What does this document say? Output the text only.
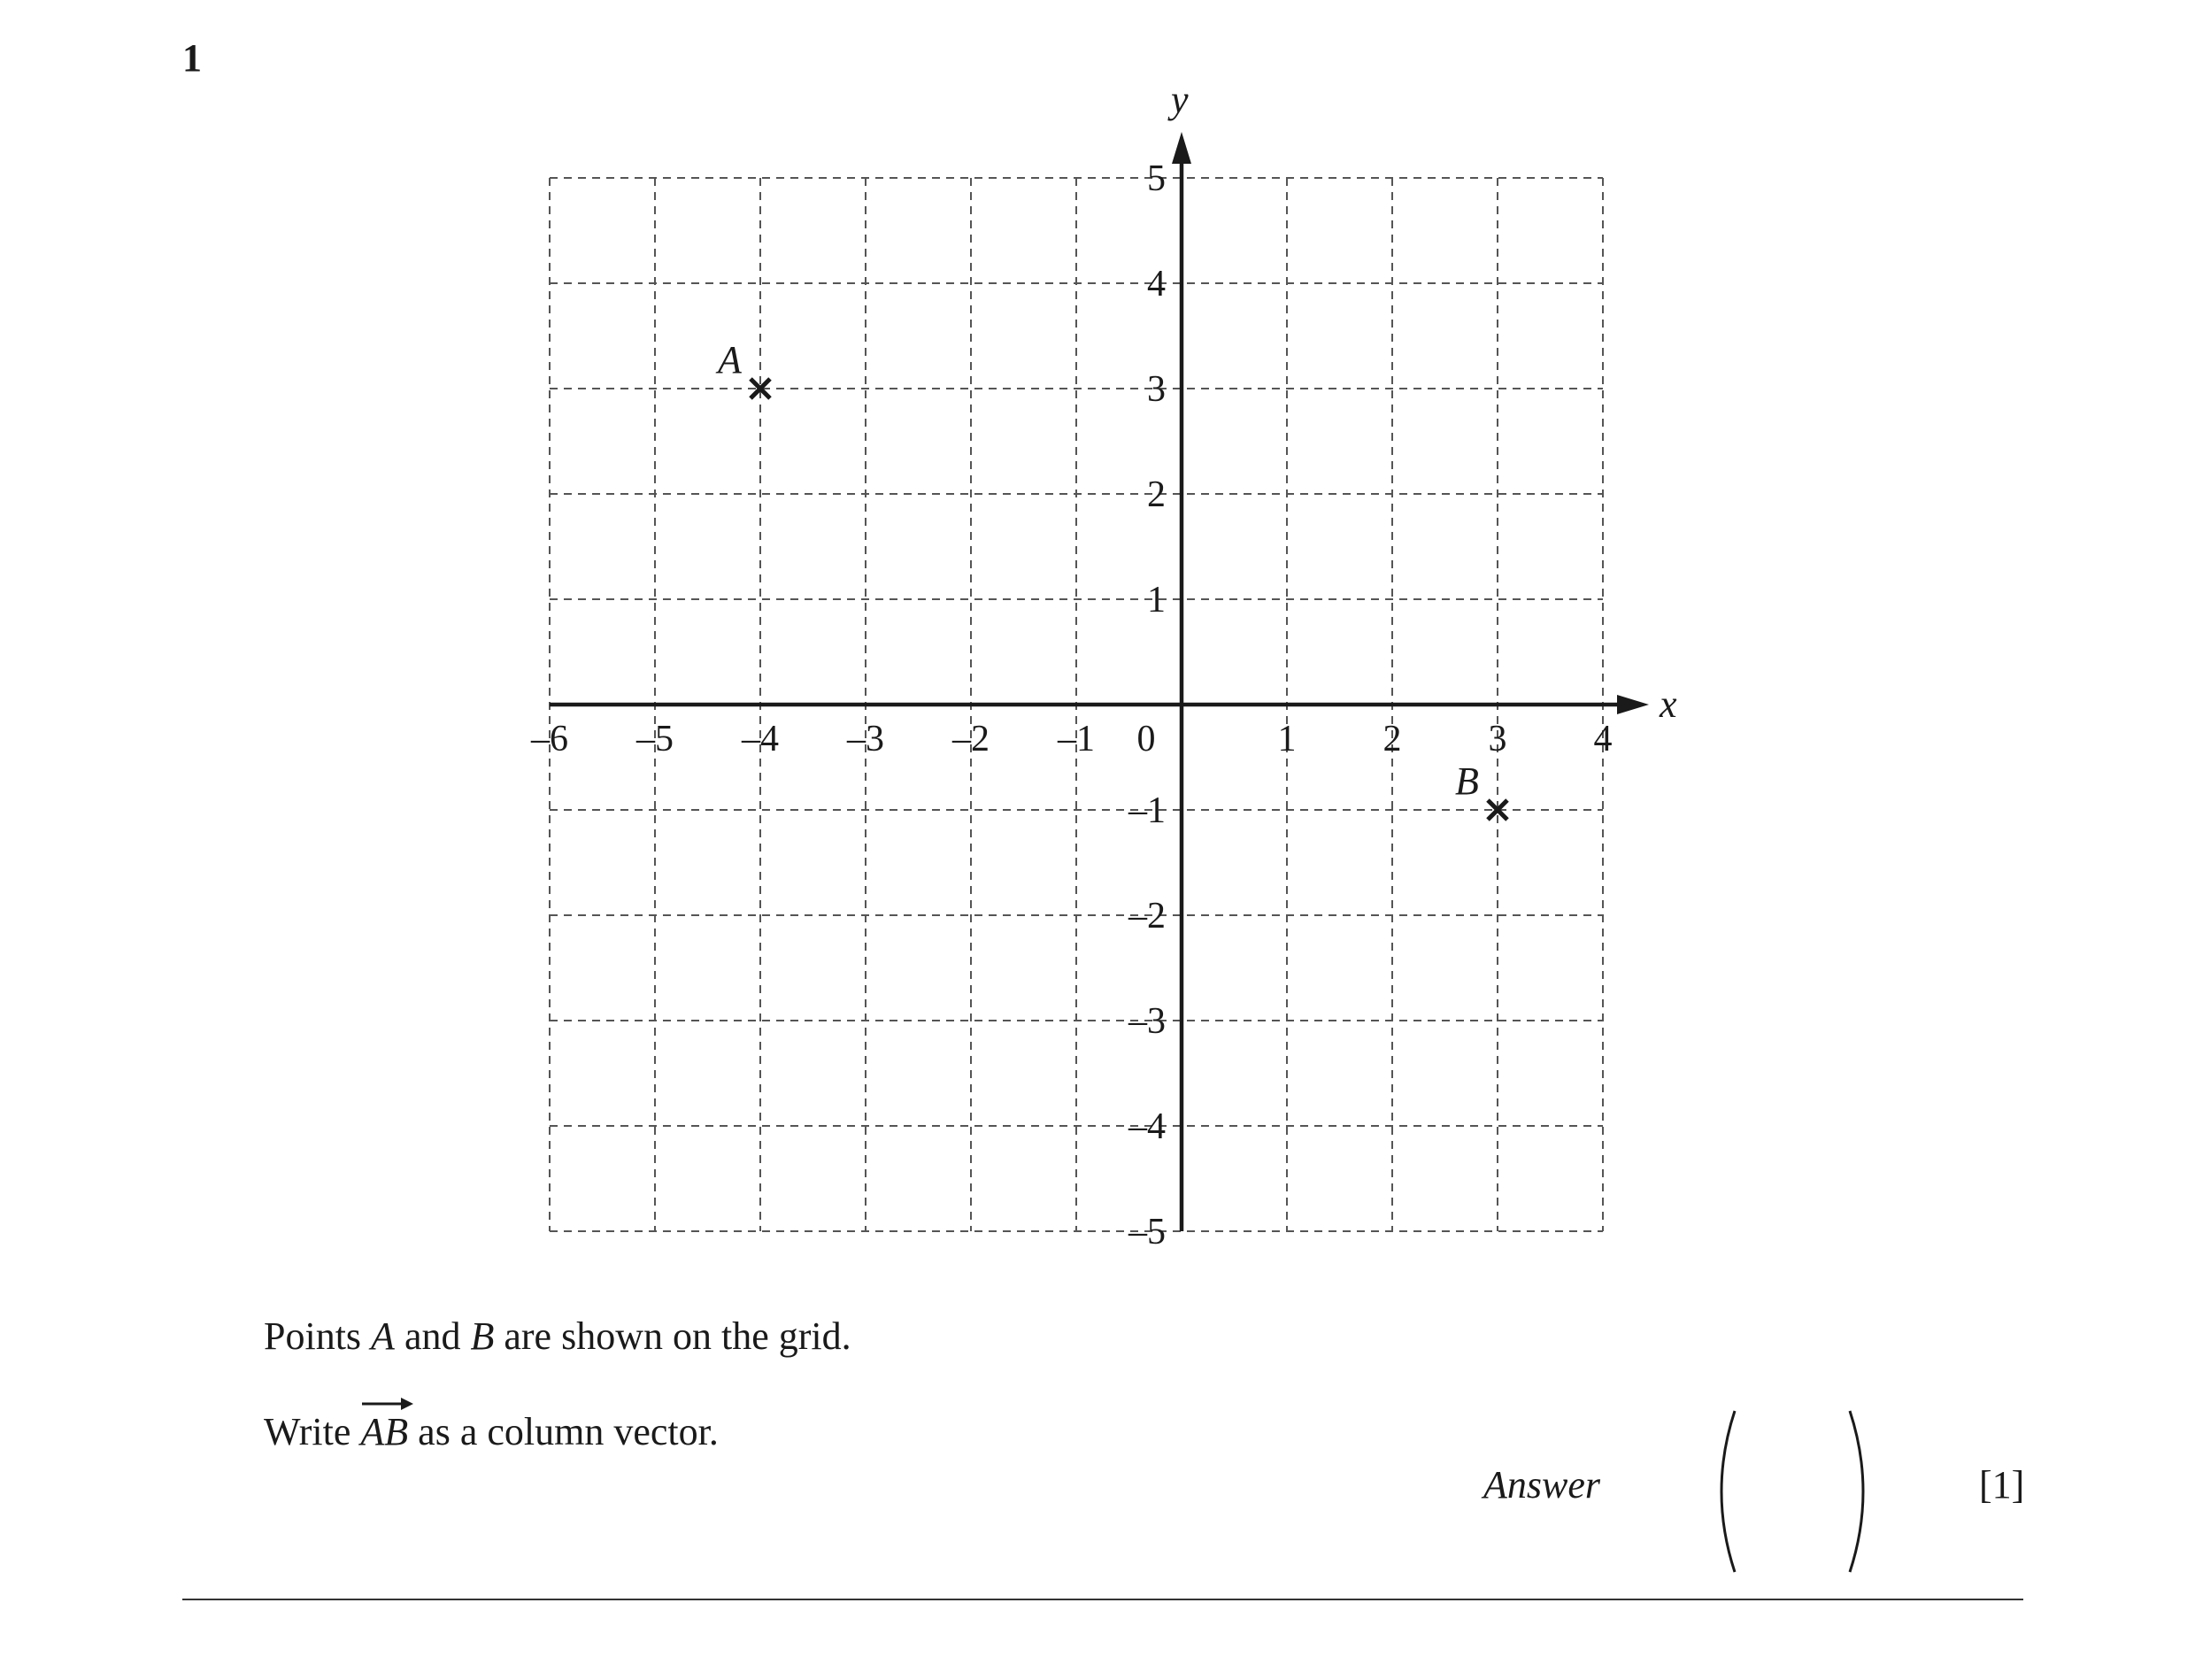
1
x
y
–6 –5 –4 –3 –2 –1 0	1 2 3 4
1
2
3
4
5
–1
–2
–3
–4
–5
A
B
Points A and B are shown on the grid.
Write
AB as a column vector.
Answer	[1]
